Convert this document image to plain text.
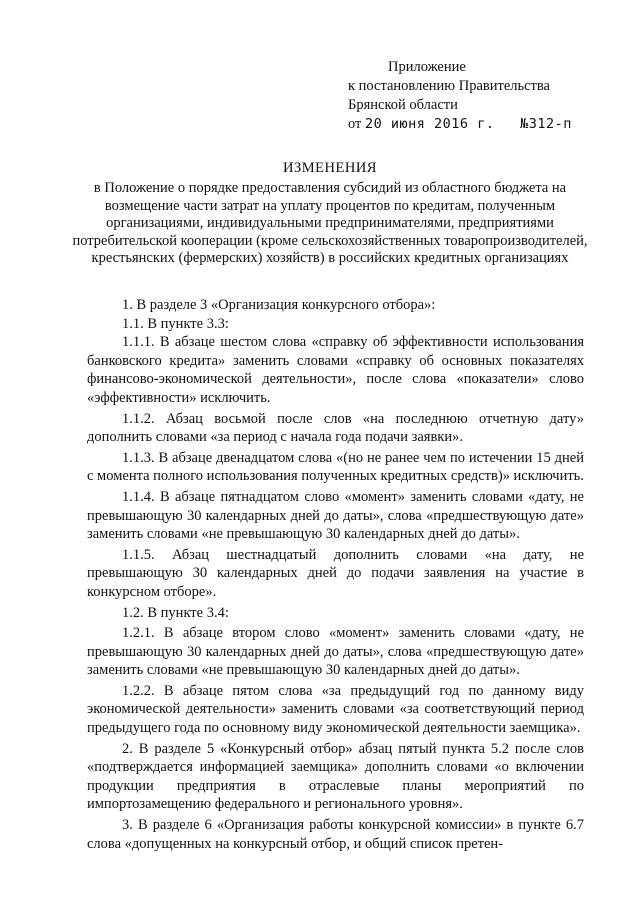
Приложение
к постановлению Правительства
Брянской области
от 20 июня 2016 г. №312-п
ИЗМЕНЕНИЯ
в Положение о порядке предоставления субсидий из областного бюджета на возмещение части затрат на уплату процентов по кредитам, полученным организациями, индивидуальными предпринимателями, предприятиями потребительской кооперации (кроме сельскохозяйственных товаропроизводителей, крестьянских (фермерских) хозяйств) в российских кредитных организациях

1. В разделе 3 «Организация конкурсного отбора»:

1.1. В пункте 3.3:

1.1.1. В абзаце шестом слова «справку об эффективности использования банковского кредита» заменить словами «справку об основных показателях финансово-экономической деятельности», после слова «показатели» слово «эффективности» исключить.

1.1.2. Абзац восьмой после слов «на последнюю отчетную дату» дополнить словами «за период с начала года подачи заявки».

1.1.3. В абзаце двенадцатом слова «(но не ранее чем по истечении 15 дней с момента полного использования полученных кредитных средств)» исключить.

1.1.4. В абзаце пятнадцатом слово «момент» заменить словами «дату, не превышающую 30 календарных дней до даты», слова «предшествующую дате» заменить словами «не превышающую 30 календарных дней до даты».

1.1.5. Абзац шестнадцатый дополнить словами «на дату, не превышающую 30 календарных дней до подачи заявления на участие в конкурсном отборе».

1.2. В пункте 3.4:

1.2.1. В абзаце втором слово «момент» заменить словами «дату, не превышающую 30 календарных дней до даты», слова «предшествующую дате» заменить словами «не превышающую 30 календарных дней до даты».

1.2.2. В абзаце пятом слова «за предыдущий год по данному виду экономической деятельности» заменить словами «за соответствующий период предыдущего года по основному виду экономической деятельности заемщика».

2. В разделе 5 «Конкурсный отбор» абзац пятый пункта 5.2 после слов «подтверждается информацией заемщика» дополнить словами «о включении продукции предприятия в отраслевые планы мероприятий по импортозамещению федерального и регионального уровня».

3. В разделе 6 «Организация работы конкурсной комиссии» в пункте 6.7 слова «допущенных на конкурсный отбор, и общий список претен-
